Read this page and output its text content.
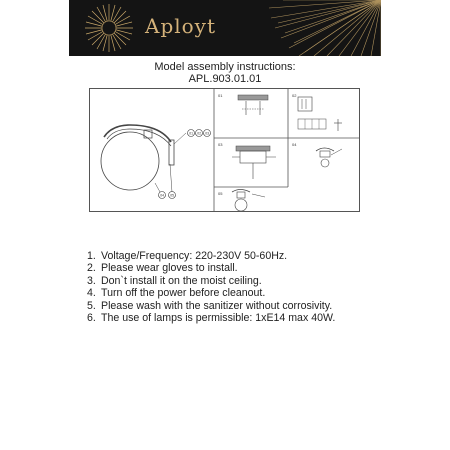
Aployt
Model assembly instructions:
APL.903.01.01
01 02 03
04 05
01	02
03	04
05
1. Voltage/Frequency: 220-230V 50-60Hz.
2. Please wear gloves to install.
3. Don`t install it on the moist ceiling.
4. Turn off the power before cleanout.
5. Please wash with the sanitizer without corrosivity.
6. The use of lamps is permissible: 1xE14 max 40W.
